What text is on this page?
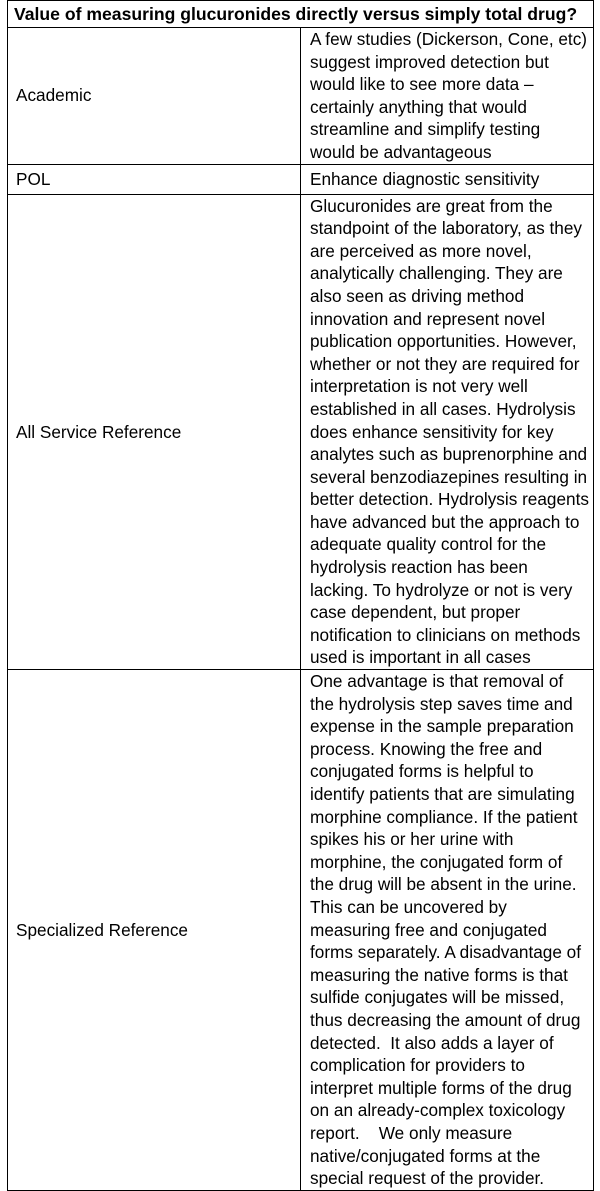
Value of measuring glucuronides directly versus simply total drug?	
Academic	A few studies (Dickerson, Cone, etc) suggest improved detection but would like to see more data – certainly anything that would streamline and simplify testing would be advantageous
POL	Enhance diagnostic sensitivity
All Service Reference	Glucuronides are great from the standpoint of the laboratory, as they are perceived as more novel, analytically challenging. They are also seen as driving method innovation and represent novel publication opportunities. However, whether or not they are required for interpretation is not very well established in all cases. Hydrolysis does enhance sensitivity for key analytes such as buprenorphine and several benzodiazepines resulting in better detection. Hydrolysis reagents have advanced but the approach to adequate quality control for the hydrolysis reaction has been lacking. To hydrolyze or not is very case dependent, but proper notification to clinicians on methods used is important in all cases
Specialized Reference	One advantage is that removal of the hydrolysis step saves time and expense in the sample preparation process. Knowing the free and conjugated forms is helpful to identify patients that are simulating morphine compliance. If the patient spikes his or her urine with morphine, the conjugated form of the drug will be absent in the urine.  This can be uncovered by measuring free and conjugated forms separately. A disadvantage of measuring the native forms is that sulfide conjugates will be missed, thus decreasing the amount of drug detected.  It also adds a layer of complication for providers to interpret multiple forms of the drug on an already-complex toxicology report.    We only measure native/conjugated forms at the special request of the provider.
